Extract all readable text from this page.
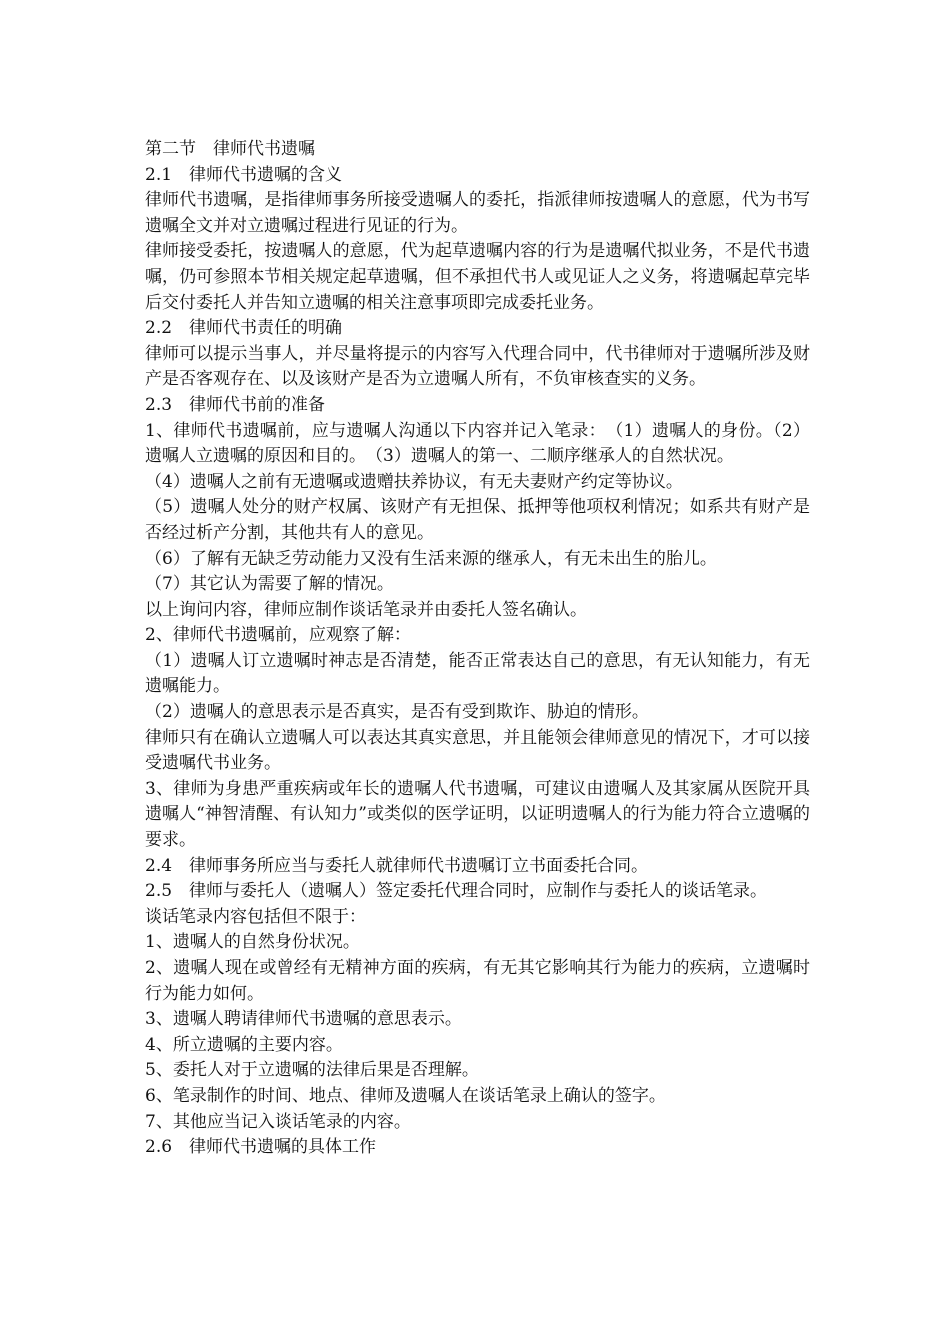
第二节　律师代书遗嘱

2.1　律师代书遗嘱的含义

律师代书遗嘱，是指律师事务所接受遗嘱人的委托，指派律师按遗嘱人的意愿，代为书写遗嘱全文并对立遗嘱过程进行见证的行为。

律师接受委托，按遗嘱人的意愿，代为起草遗嘱内容的行为是遗嘱代拟业务，不是代书遗嘱，仍可参照本节相关规定起草遗嘱，但不承担代书人或见证人之义务，将遗嘱起草完毕后交付委托人并告知立遗嘱的相关注意事项即完成委托业务。

2.2　律师代书责任的明确

律师可以提示当事人，并尽量将提示的内容写入代理合同中，代书律师对于遗嘱所涉及财产是否客观存在、以及该财产是否为立遗嘱人所有，不负审核查实的义务。

2.3　律师代书前的准备

1、律师代书遗嘱前，应与遗嘱人沟通以下内容并记入笔录：　（1）遗嘱人的身份。（2）遗嘱人立遗嘱的原因和目的。　（3）遗嘱人的第一、二顺序继承人的自然状况。

（4）遗嘱人之前有无遗嘱或遗赠扶养协议，有无夫妻财产约定等协议。

（5）遗嘱人处分的财产权属、该财产有无担保、抵押等他项权利情况；如系共有财产是否经过析产分割，其他共有人的意见。

（6）了解有无缺乏劳动能力又没有生活来源的继承人，有无未出生的胎儿。

（7）其它认为需要了解的情况。

以上询问内容，律师应制作谈话笔录并由委托人签名确认。

2、律师代书遗嘱前，应观察了解：

（1）遗嘱人订立遗嘱时神志是否清楚，能否正常表达自己的意思，有无认知能力，有无遗嘱能力。

（2）遗嘱人的意思表示是否真实，是否有受到欺诈、胁迫的情形。

律师只有在确认立遗嘱人可以表达其真实意思，并且能领会律师意见的情况下，才可以接受遗嘱代书业务。

3、律师为身患严重疾病或年长的遗嘱人代书遗嘱，可建议由遗嘱人及其家属从医院开具遗嘱人“神智清醒、有认知力”或类似的医学证明，以证明遗嘱人的行为能力符合立遗嘱的要求。

2.4　律师事务所应当与委托人就律师代书遗嘱订立书面委托合同。

2.5　律师与委托人（遗嘱人）签定委托代理合同时，应制作与委托人的谈话笔录。

谈话笔录内容包括但不限于：

1、遗嘱人的自然身份状况。

2、遗嘱人现在或曾经有无精神方面的疾病，有无其它影响其行为能力的疾病，立遗嘱时行为能力如何。

3、遗嘱人聘请律师代书遗嘱的意思表示。

4、所立遗嘱的主要内容。

5、委托人对于立遗嘱的法律后果是否理解。

6、笔录制作的时间、地点、律师及遗嘱人在谈话笔录上确认的签字。

7、其他应当记入谈话笔录的内容。

2.6　律师代书遗嘱的具体工作
